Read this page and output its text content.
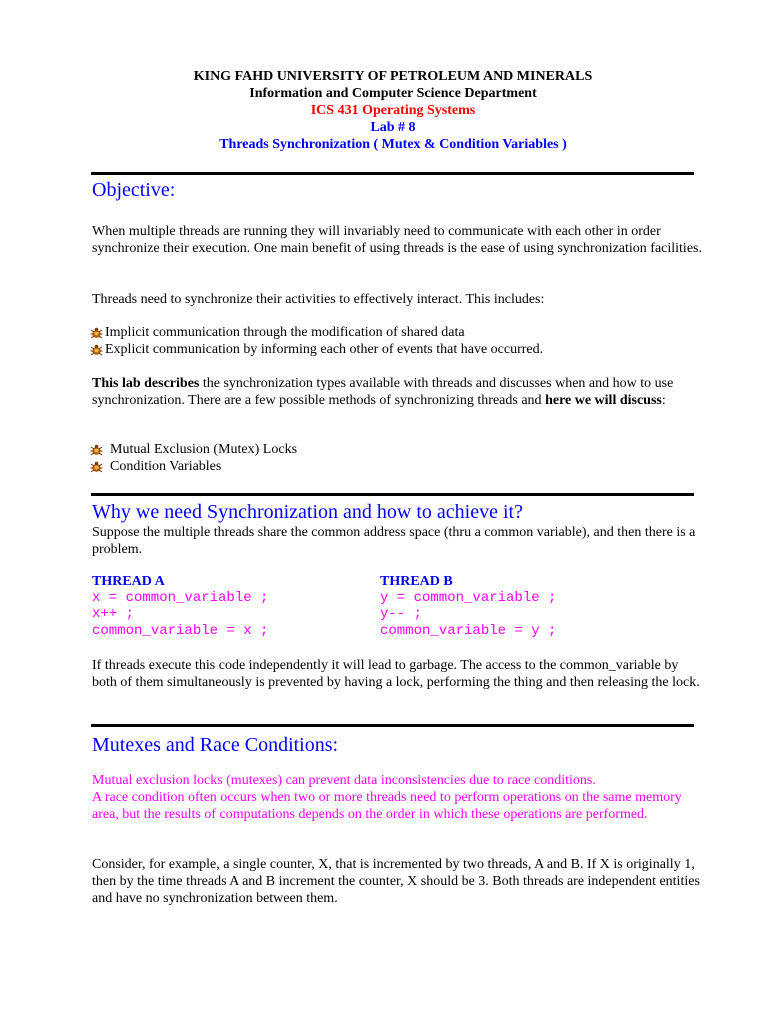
KING FAHD UNIVERSITY OF PETROLEUM AND MINERALS
Information and Computer Science Department
ICS 431 Operating Systems
Lab # 8
Threads Synchronization ( Mutex & Condition Variables )
Objective:

When multiple threads are running they will invariably need to communicate with each other in order synchronize their execution. One main benefit of using threads is the ease of using synchronization facilities.

Threads need to synchronize their activities to effectively interact. This includes:

Implicit communication through the modification of shared data
Explicit communication by informing each other of events that have occurred.

This lab describes the synchronization types available with threads and discusses when and how to use synchronization. There are a few possible methods of synchronizing threads and here we will discuss:

Mutual Exclusion (Mutex) Locks
Condition Variables
Why we need Synchronization and how to achieve it?

Suppose the multiple threads share the common address space (thru a common variable), and then there is a problem.

THREAD A
x = common_variable ;
x++ ;
common_variable = x ;
THREAD B
y = common_variable ;
y-- ;
common_variable = y ;

If threads execute this code independently it will lead to garbage. The access to the common_variable by both of them simultaneously is prevented by having a lock, performing the thing and then releasing the lock.

Mutexes and Race Conditions:

Mutual exclusion locks (mutexes) can prevent data inconsistencies due to race conditions.

A race condition often occurs when two or more threads need to perform operations on the same memory area, but the results of computations depends on the order in which these operations are performed.

Consider, for example, a single counter, X, that is incremented by two threads, A and B. If X is originally 1, then by the time threads A and B increment the counter, X should be 3. Both threads are independent entities and have no synchronization between them.
